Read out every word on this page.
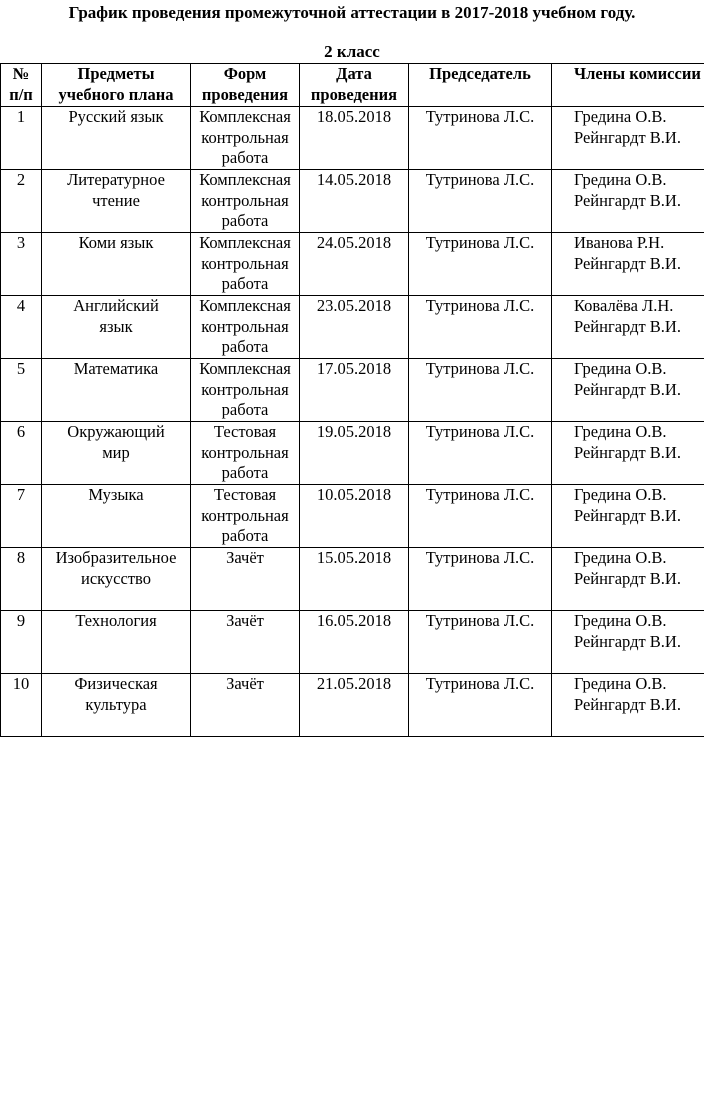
График проведения промежуточной аттестации в 2017-2018 учебном году.
2 класс
№
п/п	Предметы
учебного плана	Форм
проведения	Дата
проведения	Председатель	Члены комиссии

1	Русский язык	Комплексная
контрольная
работа	18.05.2018	Тутринова Л.С.	Гредина О.В.
Рейнгардт В.И.

2	Литературное
чтение	Комплексная
контрольная
работа	14.05.2018	Тутринова Л.С.	Гредина О.В.
Рейнгардт В.И.

3	Коми язык	Комплексная
контрольная
работа	24.05.2018	Тутринова Л.С.	Иванова Р.Н.
Рейнгардт В.И.

4	Английский
язык	Комплексная
контрольная
работа	23.05.2018	Тутринова Л.С.	Ковалёва Л.Н.
Рейнгардт В.И.

5	Математика	Комплексная
контрольная
работа	17.05.2018	Тутринова Л.С.	Гредина О.В.
Рейнгардт В.И.

6	Окружающий
мир	Тестовая
контрольная
работа	19.05.2018	Тутринова Л.С.	Гредина О.В.
Рейнгардт В.И.

7	Музыка	Тестовая
контрольная
работа	10.05.2018	Тутринова Л.С.	Гредина О.В.
Рейнгардт В.И.

8	Изобразительное
искусство	Зачёт	15.05.2018	Тутринова Л.С.	Гредина О.В.
Рейнгардт В.И.

9	Технология	Зачёт	16.05.2018	Тутринова Л.С.	Гредина О.В.
Рейнгардт В.И.

10	Физическая
культура	Зачёт	21.05.2018	Тутринова Л.С.	Гредина О.В.
Рейнгардт В.И.
